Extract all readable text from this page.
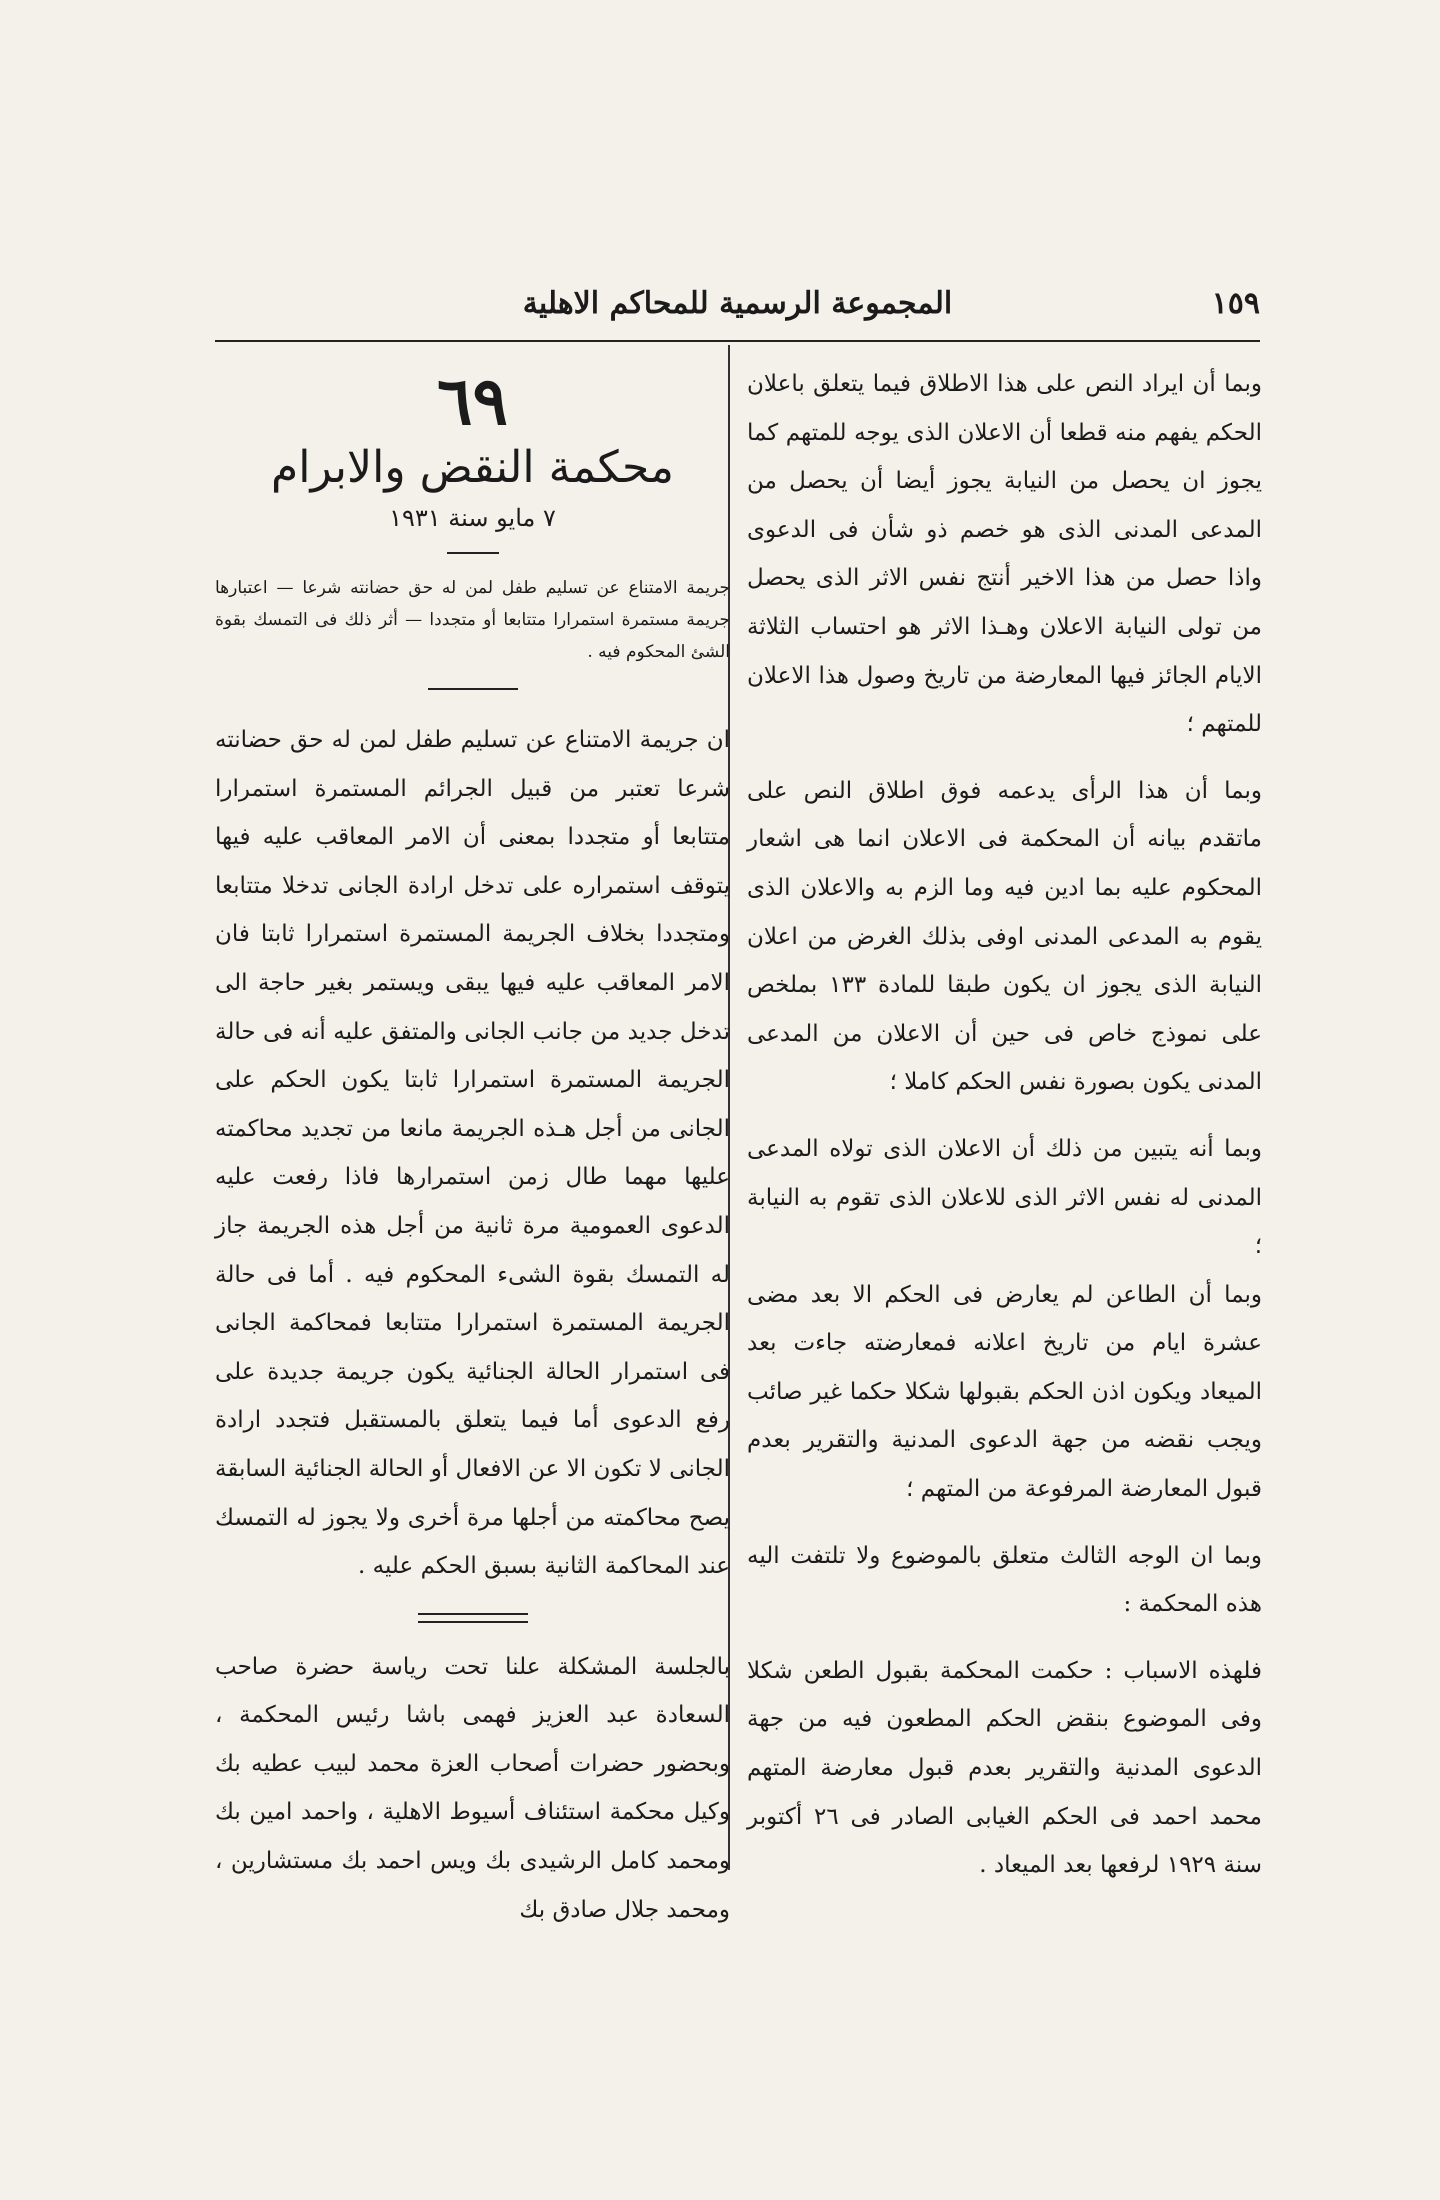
١٥٩
المجموعة الرسمية للمحاكم الاهلية

وبما أن ايراد النص على هذا الاطلاق فيما يتعلق باعلان الحكم يفهم منه قطعا أن الاعلان الذى يوجه للمتهم كما يجوز ان يحصل من النيابة يجوز أيضا أن يحصل من المدعى المدنى الذى هو خصم ذو شأن فى الدعوى واذا حصل من هذا الاخير أنتج نفس الاثر الذى يحصل من تولى النيابة الاعلان وهـذا الاثر هو احتساب الثلاثة الايام الجائز فيها المعارضة من تاريخ وصول هذا الاعلان للمتهم ؛

وبما أن هذا الرأى يدعمه فوق اطلاق النص على ماتقدم بيانه أن المحكمة فى الاعلان انما هى اشعار المحكوم عليه بما ادين فيه وما الزم به والاعلان الذى يقوم به المدعى المدنى اوفى بذلك الغرض من اعلان النيابة الذى يجوز ان يكون طبقا للمادة ١٣٣ بملخص على نموذج خاص فى حين أن الاعلان من المدعى المدنى يكون بصورة نفس الحكم كاملا ؛

وبما أنه يتبين من ذلك أن الاعلان الذى تولاه المدعى المدنى له نفس الاثر الذى للاعلان الذى تقوم به النيابة ؛

وبما أن الطاعن لم يعارض فى الحكم الا بعد مضى عشرة ايام من تاريخ اعلانه فمعارضته جاءت بعد الميعاد ويكون اذن الحكم بقبولها شكلا حكما غير صائب ويجب نقضه من جهة الدعوى المدنية والتقرير بعدم قبول المعارضة المرفوعة من المتهم ؛

وبما ان الوجه الثالث متعلق بالموضوع ولا تلتفت اليه هذه المحكمة :

فلهذه الاسباب : حكمت المحكمة بقبول الطعن شكلا وفى الموضوع بنقض الحكم المطعون فيه من جهة الدعوى المدنية والتقرير بعدم قبول معارضة المتهم محمد احمد فى الحكم الغيابى الصادر فى ٢٦ أكتوبر سنة ١٩٢٩ لرفعها بعد الميعاد .

٦٩
محكمة النقض والابرام
٧ مايو سنة ١٩٣١
جريمة الامتناع عن تسليم طفل لمن له حق حضانته شرعا — اعتبارها جريمة مستمرة استمرارا متتابعا أو متجددا — أثر ذلك فى التمسك بقوة الشئ المحكوم فيه .

ان جريمة الامتناع عن تسليم طفل لمن له حق حضانته شرعا تعتبر من قبيل الجرائم المستمرة استمرارا متتابعا أو متجددا بمعنى أن الامر المعاقب عليه فيها يتوقف استمراره على تدخل ارادة الجانى تدخلا متتابعا ومتجددا بخلاف الجريمة المستمرة استمرارا ثابتا فان الامر المعاقب عليه فيها يبقى ويستمر بغير حاجة الى تدخل جديد من جانب الجانى والمتفق عليه أنه فى حالة الجريمة المستمرة استمرارا ثابتا يكون الحكم على الجانى من أجل هـذه الجريمة مانعا من تجديد محاكمته عليها مهما طال زمن استمرارها فاذا رفعت عليه الدعوى العمومية مرة ثانية من أجل هذه الجريمة جاز له التمسك بقوة الشىء المحكوم فيه . أما فى حالة الجريمة المستمرة استمرارا متتابعا فمحاكمة الجانى فى استمرار الحالة الجنائية يكون جريمة جديدة على رفع الدعوى أما فيما يتعلق بالمستقبل فتجدد ارادة الجانى لا تكون الا عن الافعال أو الحالة الجنائية السابقة يصح محاكمته من أجلها مرة أخرى ولا يجوز له التمسك عند المحاكمة الثانية بسبق الحكم عليه .

بالجلسة المشكلة علنا تحت رياسة حضرة صاحب السعادة عبد العزيز فهمى باشا رئيس المحكمة ، وبحضور حضرات أصحاب العزة محمد لبيب عطيه بك وكيل محكمة استئناف أسيوط الاهلية ، واحمد امين بك ومحمد كامل الرشيدى بك ويس احمد بك مستشارين ، ومحمد جلال صادق بك
